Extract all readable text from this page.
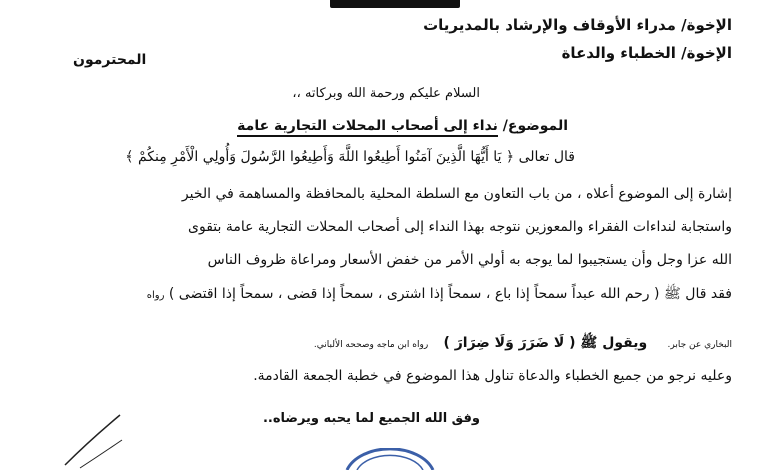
الإخوة/ مدراء الأوقاف والإرشاد بالمديريات
الإخوة/ الخطباء والدعاة
المحترمون
السلام عليكم ورحمة الله وبركاته ،،
الموضوع/ نداء إلى أصحاب المحلات التجارية عامة
قال تعالى ﴿ يَا أَيُّهَا الَّذِينَ آمَنُوا أَطِيعُوا اللَّهَ وَأَطِيعُوا الرَّسُولَ وَأُولِي الْأَمْرِ مِنكُمْ ﴾
إشارة إلى الموضوع أعلاه ، من باب التعاون مع السلطة المحلية بالمحافظة والمساهمة في الخير
واستجابة لنداءات الفقراء والمعوزين نتوجه بهذا النداء إلى أصحاب المحلات التجارية عامة بتقوى
الله عزا وجل وأن يستجيبوا لما يوجه به أولي الأمر من خفض الأسعار ومراعاة ظروف الناس
فقد قال ﷺ ( رحم الله عبداً سمحاً إذا باع ، سمحاً إذا اشترى ، سمحاً إذا قضى ، سمحاً إذا اقتضى ) رواه
البخاري عن جابر.    ويقول ﷺ ( لَا ضَرَرَ وَلَا ضِرَارَ )   رواه ابن ماجه وصححه الألباني.
وعليه نرجو من جميع الخطباء والدعاة تناول هذا الموضوع في خطبة الجمعة القادمة.
وفق الله الجميع لما يحبه ويرضاه..
